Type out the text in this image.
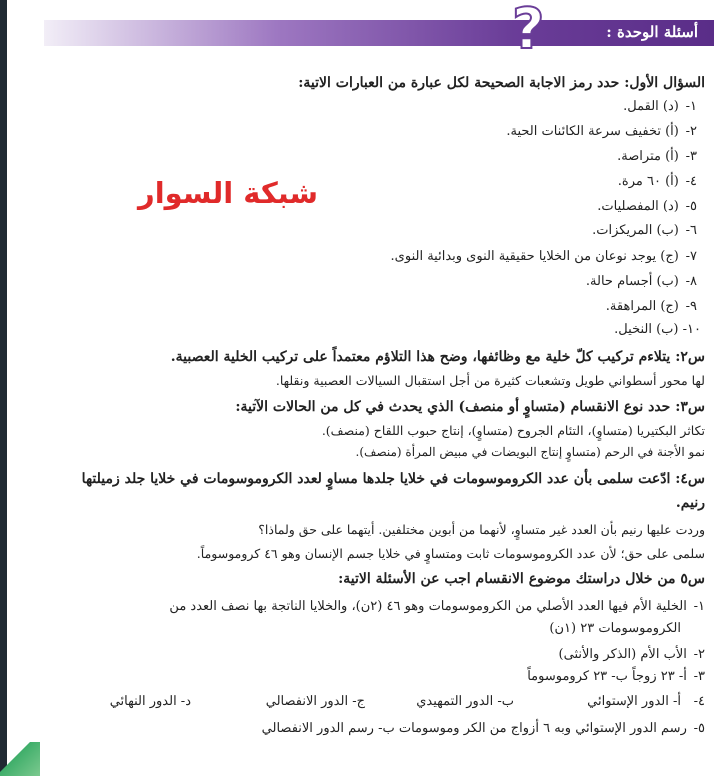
أسئلة الوحدة :
?
شبكة السوار
السؤال الأول: حدد رمز الاجابة الصحيحة لكل عبارة من العبارات الاتية:
١- (د) القمل.
٢- (أ) تخفيف سرعة الكائنات الحية.
٣- (أ) متراصة.
٤- (أ) ٦٠ مرة.
٥- (د) المفصليات.
٦- (ب) المريكزات.
٧- (ج) يوجد نوعان من الخلايا حقيقية النوى وبدائية النوى.
٨- (ب) أجسام حالة.
٩- (ج) المراهقة.
١٠- (ب) النخيل.
س٢: يتلاءم تركيب كلّ خلية مع وظائفها، وضح هذا التلاؤم معتمداً على تركيب الخلية العصبية.
لها محور أسطواني طويل وتشعبات كثيرة من أجل استقبال السيالات العصبية ونقلها.
س٣: حدد نوع الانقسام (متساوٍ أو منصف) الذي يحدث في كل من الحالات الآتية:
تكاثر البكتيريا (متساوٍ)، التئام الجروح (متساوٍ)، إنتاج حبوب اللقاح (منصف).
نمو الأجنة في الرحم (متساوٍ إنتاج البويضات في مبيض المرأة (منصف).
س٤: ادّعت سلمى بأن عدد الكروموسومات في خلايا جلدها مساوٍ لعدد الكروموسومات في خلايا جلد زميلتها
رنيم.
وردت عليها رنيم بأن العدد غير متساوٍ، لأنهما من أبوين مختلفين. أيتهما على حق ولماذا؟
سلمى على حق؛ لأن عدد الكروموسومات ثابت ومتساوٍ في خلايا جسم الإنسان وهو ٤٦ كروموسوماً.
س٥ من خلال دراستك موضوع الانقسام اجب عن الأسئلة الاتية:
١- الخلية الأم فيها العدد الأصلي من الكروموسومات وهو ٤٦ (٢ن)، والخلايا الناتجة بها نصف العدد من
الكروموسومات ٢٣ (١ن)
٢- الأب الأم (الذكر والأنثى)
٣- أ- ٢٣ زوجاً ب- ٢٣ كروموسوماً
٤-
أ- الدور الإستوائي
ب- الدور التمهيدي
ج- الدور الانفصالي
د- الدور النهائي
٥- رسم الدور الإستوائي وبه ٦ أزواج من الكر وموسومات ب- رسم الدور الانفصالي
